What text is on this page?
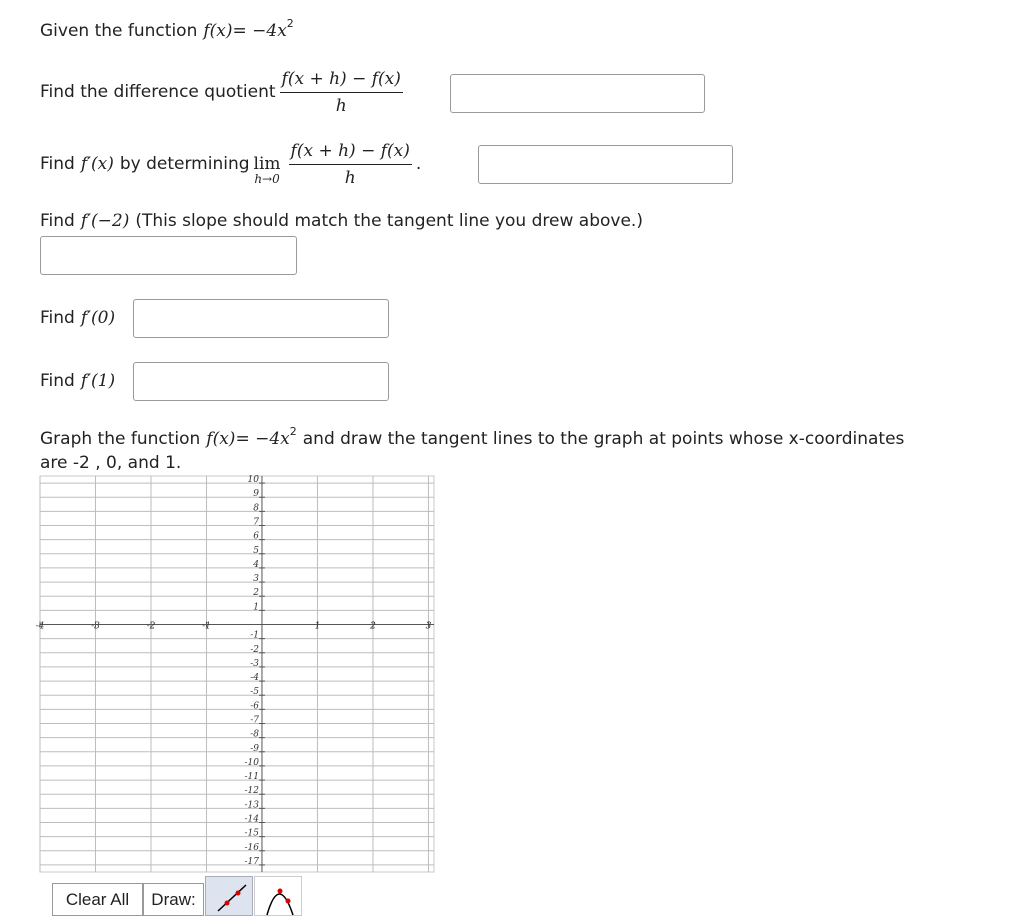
Given the function $f(x) = -4x^2$
Find the difference quotient $\frac{f(x + h) - f(x)}{h}$
Find f′(x) by determining lim
$h\to 0 \frac{f(x + h) - f(x)}{h}$ .
Find f′(−2) (This slope should match the tangent line you drew above.)
Find f′(0)
Find f′(1)
Graph the function $f(x) = -4x^2$ and draw the tangent lines to the graph at points whose x-coordinates
are -2 , 0, and 1.
-4	-3	-2	-1	1	2	3
10
9
8
7
6
5
4
3
2
1
-1
-2
-3
-4
-5
-6
-7
-8
-9
-10
-11
-12
-13
-14
-15
-16
-17
Clear All	Draw:
